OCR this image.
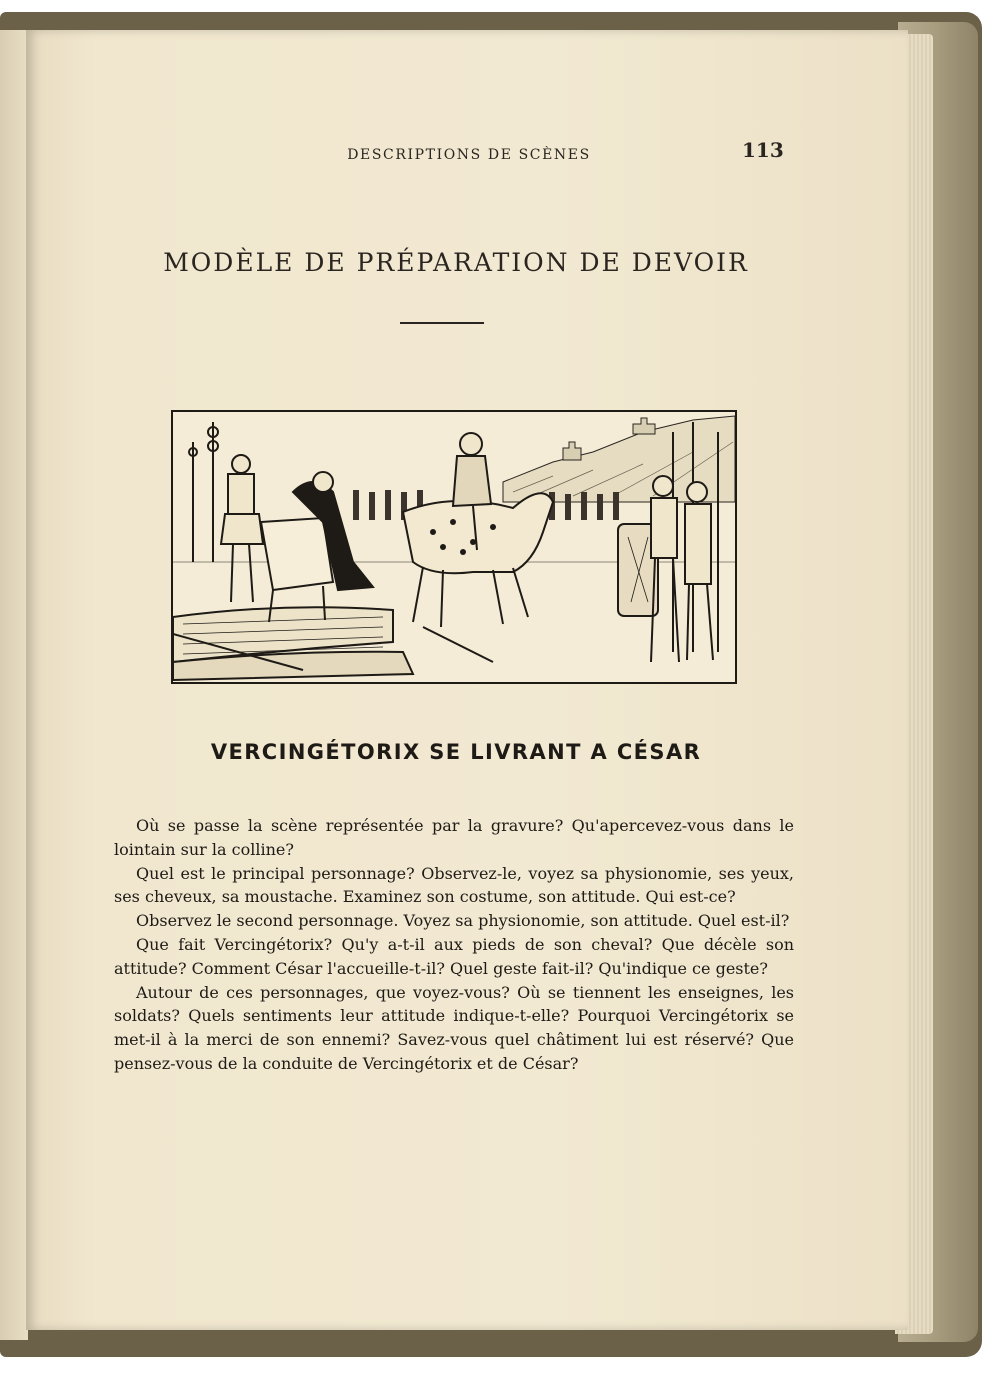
DESCRIPTIONS DE SCÈNES	113
MODÈLE DE PRÉPARATION DE DEVOIR
VERCINGÉTORIX SE LIVRANT A CÉSAR

Où se passe la scène représentée par la gravure? Qu'apercevez-vous dans le lointain sur la colline?

Quel est le principal personnage? Observez-le, voyez sa physionomie, ses yeux, ses cheveux, sa moustache. Examinez son costume, son attitude. Qui est-ce?

Observez le second personnage. Voyez sa physionomie, son attitude. Quel est-il?

Que fait Vercingétorix? Qu'y a-t-il aux pieds de son cheval? Que décèle son attitude? Comment César l'accueille-t-il? Quel geste fait-il? Qu'indique ce geste?

Autour de ces personnages, que voyez-vous? Où se tiennent les enseignes, les soldats? Quels sentiments leur attitude indique-t-elle? Pourquoi Vercingétorix se met-il à la merci de son ennemi? Savez-vous quel châtiment lui est réservé? Que pensez-vous de la conduite de Vercingétorix et de César?
